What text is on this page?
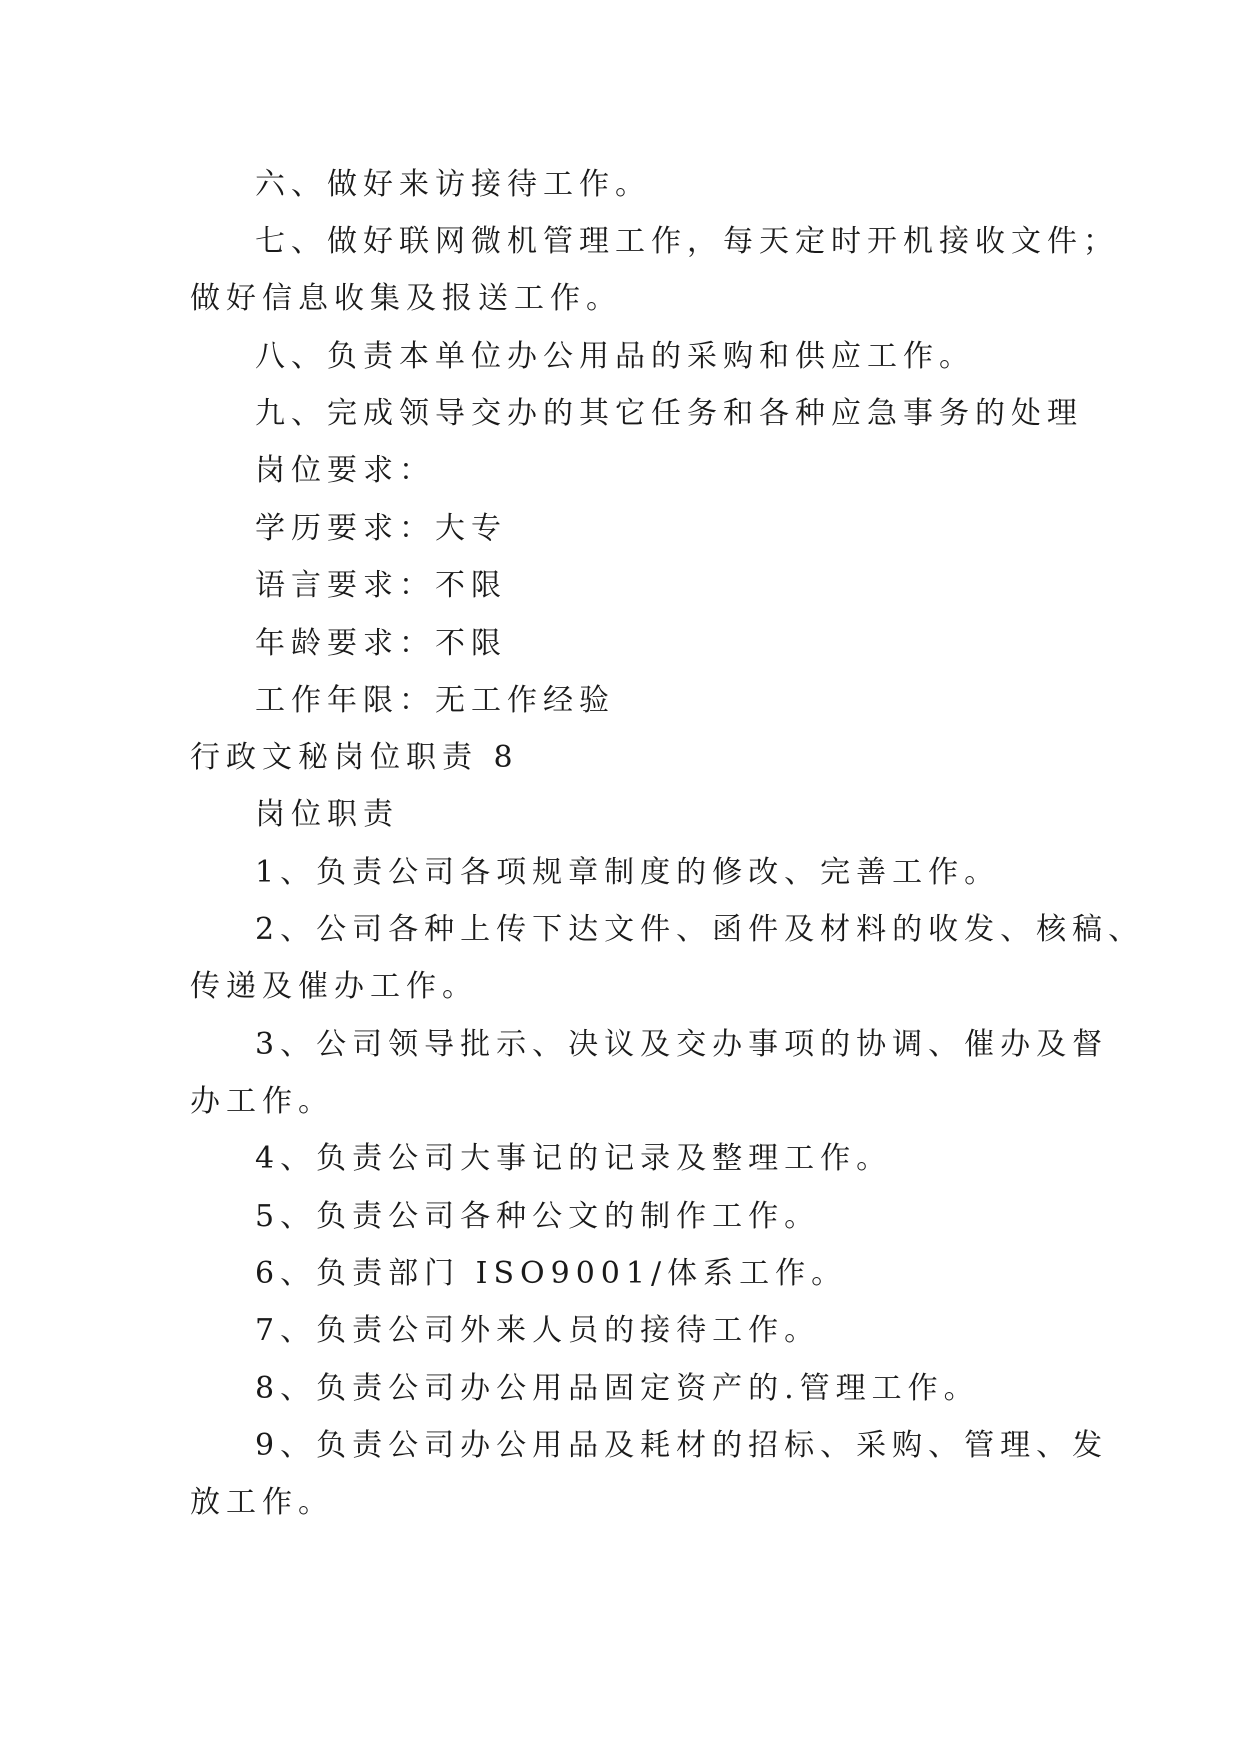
六、做好来访接待工作。
七、做好联网微机管理工作，每天定时开机接收文件；
做好信息收集及报送工作。
八、负责本单位办公用品的采购和供应工作。
九、完成领导交办的其它任务和各种应急事务的处理
岗位要求：
学历要求：大专
语言要求：不限
年龄要求：不限
工作年限：无工作经验
行政文秘岗位职责 8
岗位职责
1、负责公司各项规章制度的修改、完善工作。
2、公司各种上传下达文件、函件及材料的收发、核稿、
传递及催办工作。
3、公司领导批示、决议及交办事项的协调、催办及督
办工作。
4、负责公司大事记的记录及整理工作。
5、负责公司各种公文的制作工作。
6、负责部门 ISO9001/体系工作。
7、负责公司外来人员的接待工作。
8、负责公司办公用品固定资产的.管理工作。
9、负责公司办公用品及耗材的招标、采购、管理、发
放工作。
